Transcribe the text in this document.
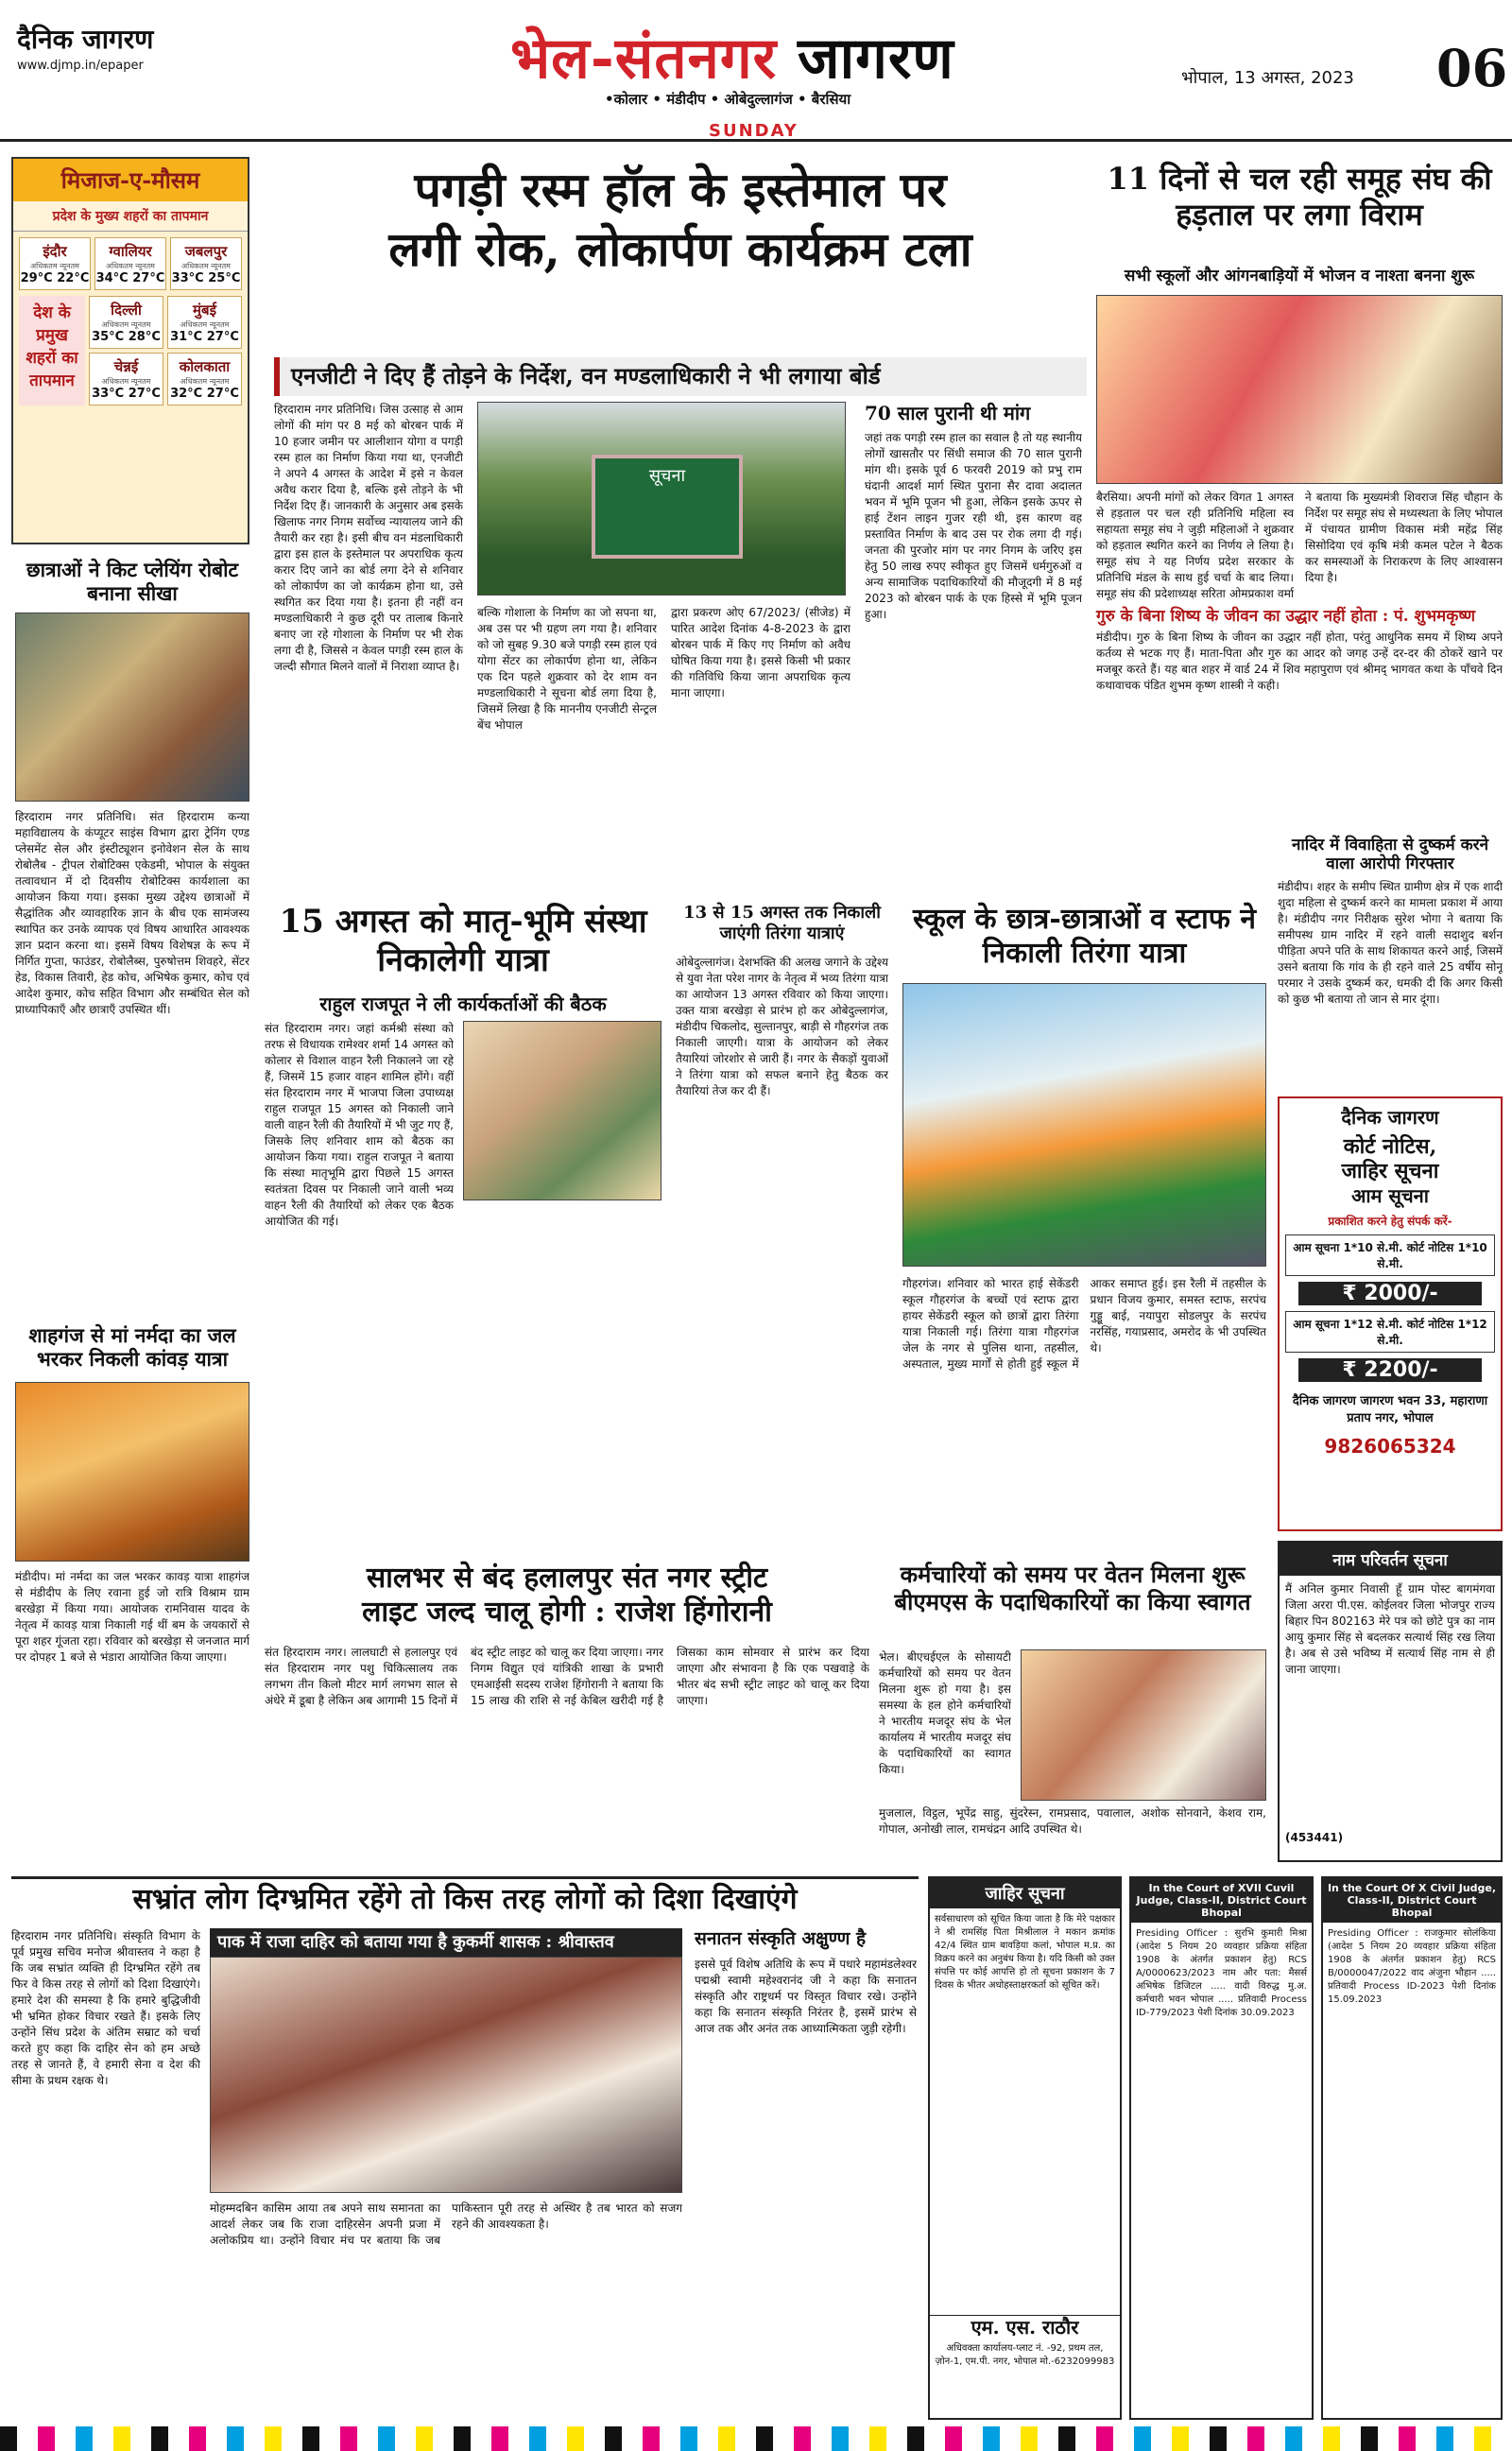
दैनिक जागरण
www.djmp.in/epaper	भेल-संतनगर जागरण
•कोलार • मंडीदीप • ओबेदुल्लागंज • बैरसिया
भोपाल, 13 अगस्त, 2023 06
SUNDAY
मिजाज-ए-मौसम
प्रदेश के मुख्य शहरों का तापमान
इंदौर
अधिकतम न्यूनतम
29°C 22°C
ग्वालियर
अधिकतम न्यूनतम
34°C 27°C
जबलपुर
अधिकतम न्यूनतम
33°C 25°C
देश के प्रमुख शहरों का तापमान
दिल्ली
अधिकतम न्यूनतम
35°C 28°C
मुंबई
अधिकतम न्यूनतम
31°C 27°C
चेन्नई
अधिकतम न्यूनतम
33°C 27°C
कोलकाता
अधिकतम न्यूनतम
32°C 27°C
छात्राओं ने किट प्लेयिंग रोबोट बनाना सीखा
हिरदाराम नगर प्रतिनिधि। संत हिरदाराम कन्या महाविद्यालय के कंप्यूटर साइंस विभाग द्वारा ट्रेनिंग एण्ड प्लेसमेंट सेल और इंस्टीट्यूशन इनोवेशन सेल के साथ रोबोलैब - ट्रीपल रोबोटिक्स एकेडमी, भोपाल के संयुक्त तत्वावधान में दो दिवसीय रोबोटिक्स कार्यशाला का आयोजन किया गया। इसका मुख्य उद्देश्य छात्राओं में सैद्धांतिक और व्यावहारिक ज्ञान के बीच एक सामंजस्य स्थापित कर उनके व्यापक एवं विषय आधारित आवश्यक ज्ञान प्रदान करना था। इसमें विषय विशेषज्ञ के रूप में निर्गित गुप्ता, फाउंडर, रोबोलैब्स, पुरुषोत्तम शिवहरे, सेंटर हेड, विकास तिवारी, हेड कोच, अभिषेक कुमार, कोच एवं आदेश कुमार, कोच सहित विभाग और सम्बंधित सेल को प्राध्यापिकाएँ और छात्राएँ उपस्थित थीं।
शाहगंज से मां नर्मदा का जल भरकर निकली कांवड़ यात्रा
मंडीदीप। मां नर्मदा का जल भरकर कावड़ यात्रा शाहगंज से मंडीदीप के लिए रवाना हुई जो रात्रि विश्राम ग्राम बरखेड़ा में किया गया। आयोजक रामनिवास यादव के नेतृत्व में कावड़ यात्रा निकाली गई थीं बम के जयकारों से पूरा शहर गूंजता रहा। रविवार को बरखेड़ा से जनजात मार्ग पर दोपहर 1 बजे से भंडारा आयोजित किया जाएगा।
पगड़ी रस्म हॉल के इस्तेमाल पर
लगी रोक, लोकार्पण कार्यक्रम टला
एनजीटी ने दिए हैं तोड़ने के निर्देश, वन मण्डलाधिकारी ने भी लगाया बोर्ड
हिरदाराम नगर प्रतिनिधि। जिस उत्साह से आम लोगों की मांग पर 8 मई को बोरबन पार्क में 10 हजार जमीन पर आलीशान योगा व पगड़ी रस्म हाल का निर्माण किया गया था, एनजीटी ने अपने 4 अगस्त के आदेश में इसे न केवल अवैध करार दिया है, बल्कि इसे तोड़ने के भी निर्देश दिए हैं। जानकारी के अनुसार अब इसके खिलाफ नगर निगम सर्वोच्च न्यायालय जाने की तैयारी कर रहा है। इसी बीच वन मंडलाधिकारी द्वारा इस हाल के इस्तेमाल पर अपराधिक कृत्य करार दिए जाने का बोर्ड लगा देने से शनिवार को लोकार्पण का जो कार्यक्रम होना था, उसे स्थगित कर दिया गया है। इतना ही नहीं वन मण्डलाधिकारी ने कुछ दूरी पर तालाब किनारे बनाए जा रहे गोशाला के निर्माण पर भी रोक लगा दी है, जिससे न केवल पगड़ी रस्म हाल के जल्दी सौगात मिलने वालों में निराशा व्याप्त है।
सूचना
बल्कि गोशाला के निर्माण का जो सपना था, अब उस पर भी ग्रहण लग गया है। शनिवार को जो सुबह 9.30 बजे पगड़ी रस्म हाल एवं योगा सेंटर का लोकार्पण होना था, लेकिन एक दिन पहले शुक्रवार को देर शाम वन मण्डलाधिकारी ने सूचना बोर्ड लगा दिया है, जिसमें लिखा है कि माननीय एनजीटी सेन्ट्रल बेंच भोपाल
द्वारा प्रकरण ओए 67/2023/ (सीजेड) में पारित आदेश दिनांक 4-8-2023 के द्वारा बोरबन पार्क में किए गए निर्माण को अवैध घोषित किया गया है। इससे किसी भी प्रकार की गतिविधि किया जाना अपराधिक कृत्य माना जाएगा।
70 साल पुरानी थी मांग
जहां तक पगड़ी रस्म हाल का सवाल है तो यह स्थानीय लोगों खासतौर पर सिंधी समाज की 70 साल पुरानी मांग थी। इसके पूर्व 6 फरवरी 2019 को प्रभु राम घंदानी आदर्श मार्ग स्थित पुराना सैर दावा अदालत भवन में भूमि पूजन भी हुआ, लेकिन इसके ऊपर से हाई टेंशन लाइन गुजर रही थी, इस कारण वह प्रस्तावित निर्माण के बाद उस पर रोक लगा दी गई। जनता की पुरजोर मांग पर नगर निगम के जरिए इस हेतु 50 लाख रुपए स्वीकृत हुए जिसमें धर्मगुरुओं व अन्य सामाजिक पदाधिकारियों की मौजूदगी में 8 मई 2023 को बोरबन पार्क के एक हिस्से में भूमि पूजन हुआ।
11 दिनों से चल रही समूह संघ की हड़ताल पर लगा विराम
सभी स्कूलों और आंगनबाड़ियों में भोजन व नाश्ता बनना शुरू
बैरसिया। अपनी मांगों को लेकर विगत 1 अगस्त से हड़ताल पर चल रही प्रतिनिधि महिला स्व सहायता समूह संघ ने जुड़ी महिलाओं ने शुक्रवार को हड़ताल स्थगित करने का निर्णय ले लिया है। समूह संघ ने यह निर्णय प्रदेश सरकार के प्रतिनिधि मंडल के साथ हुई चर्चा के बाद लिया। समूह संघ की प्रदेशाध्यक्ष सरिता ओमप्रकाश वर्मा ने बताया कि मुख्यमंत्री शिवराज सिंह चौहान के निर्देश पर समूह संघ से मध्यस्थता के लिए भोपाल में पंचायत ग्रामीण विकास मंत्री महेंद्र सिंह सिसोदिया एवं कृषि मंत्री कमल पटेल ने बैठक कर समस्याओं के निराकरण के लिए आश्वासन दिया है।
गुरु के बिना शिष्य के जीवन का उद्धार नहीं होता : पं. शुभमकृष्ण
मंडीदीप। गुरु के बिना शिष्य के जीवन का उद्धार नहीं होता, परंतु आधुनिक समय में शिष्य अपने कर्तव्य से भटक गए हैं। माता-पिता और गुरु का आदर को जगह उन्हें दर-दर की ठोकरें खाने पर मजबूर करते हैं। यह बात शहर में वार्ड 24 में शिव महापुराण एवं श्रीमद् भागवत कथा के पाँचवे दिन कथावाचक पंडित शुभम कृष्ण शास्त्री ने कही।
नादिर में विवाहिता से दुष्कर्म करने वाला आरोपी गिरफ्तार
मंडीदीप। शहर के समीप स्थित ग्रामीण क्षेत्र में एक शादी शुदा महिला से दुष्कर्म करने का मामला प्रकाश में आया है। मंडीदीप नगर निरीक्षक सुरेश भोगा ने बताया कि समीपस्थ ग्राम नादिर में रहने वाली सदाशुद बर्शन पीड़िता अपने पति के साथ शिकायत करने आई, जिसमें उसने बताया कि गांव के ही रहने वाले 25 वर्षीय सोनू परमार ने उसके दुष्कर्म कर, धमकी दी कि अगर किसी को कुछ भी बताया तो जान से मार दूंगा।
दैनिक जागरण
कोर्ट नोटिस,
जाहिर सूचना
आम सूचना
प्रकाशित करने हेतु संपर्क करें-
आम सूचना 1*10 से.मी. कोर्ट नोटिस 1*10 से.मी.
₹ 2000/-
आम सूचना 1*12 से.मी. कोर्ट नोटिस 1*12 से.मी.
₹ 2200/-
दैनिक जागरण जागरण भवन 33, महाराणा प्रताप नगर, भोपाल
9826065324
नाम परिवर्तन सूचना
मैं अनिल कुमार निवासी हूँ ग्राम पोस्ट बागमंगवा जिला अररा पी.एस. कोईलवर जिला भोजपुर राज्य बिहार पिन 802163 मेरे पत्र को छोटे पुत्र का नाम आयु कुमार सिंह से बदलकर सत्यार्थ सिंह रख लिया है। अब से उसे भविष्य में सत्यार्थ सिंह नाम से ही जाना जाएगा।
(453441)
15 अगस्त को मातृ-भूमि संस्था निकालेगी यात्रा
राहुल राजपूत ने ली कार्यकर्ताओं की बैठक
संत हिरदाराम नगर। जहां कर्मश्री संस्था को तरफ से विधायक रामेश्वर शर्मा 14 अगस्त को कोलार से विशाल वाहन रैली निकालने जा रहे हैं, जिसमें 15 हजार वाहन शामिल होंगे। वहीं संत हिरदाराम नगर में भाजपा जिला उपाध्यक्ष राहुल राजपूत 15 अगस्त को निकाली जाने वाली वाहन रैली की तैयारियों में भी जुट गए हैं, जिसके लिए शनिवार शाम को बैठक का आयोजन किया गया। राहुल राजपूत ने बताया कि संस्था मातृभूमि द्वारा पिछले 15 अगस्त स्वतंत्रता दिवस पर निकाली जाने वाली भव्य वाहन रैली की तैयारियों को लेकर एक बैठक आयोजित की गई।
13 से 15 अगस्त तक निकाली जाएंगी तिरंगा यात्राएं
ओबेदुल्लागंज। देशभक्ति की अलख जगाने के उद्देश्य से युवा नेता परेश नागर के नेतृत्व में भव्य तिरंगा यात्रा का आयोजन 13 अगस्त रविवार को किया जाएगा। उक्त यात्रा बरखेड़ा से प्रारंभ हो कर ओबेदुल्लागंज, मंडीदीप चिकलोद, सुल्तानपुर, बाड़ी से गौहरगंज तक निकाली जाएगी। यात्रा के आयोजन को लेकर तैयारियां जोरशोर से जारी हैं। नगर के सैकड़ों युवाओं ने तिरंगा यात्रा को सफल बनाने हेतु बैठक कर तैयारियां तेज कर दी हैं।
स्कूल के छात्र-छात्राओं व स्टाफ ने निकाली तिरंगा यात्रा
गौहरगंज। शनिवार को भारत हाई सेकेंडरी स्कूल गौहरगंज के बच्चों एवं स्टाफ द्वारा हायर सेकेंडरी स्कूल को छात्रों द्वारा तिरंगा यात्रा निकाली गई। तिरंगा यात्रा गौहरगंज जेल के नगर से पुलिस थाना, तहसील, अस्पताल, मुख्य मार्गों से होती हुई स्कूल में आकर समाप्त हुई। इस रैली में तहसील के प्रधान विजय कुमार, समस्त स्टाफ, सरपंच गुड्डू बाई, नयापुरा सोडलपुर के सरपंच नरसिंह, गयाप्रसाद, अमरोद के भी उपस्थित थे।
सालभर से बंद हलालपुर संत नगर स्ट्रीट
लाइट जल्द चालू होगी : राजेश हिंगोरानी
संत हिरदाराम नगर। लालघाटी से हलालपुर एवं संत हिरदाराम नगर पशु चिकित्सालय तक लगभग तीन किलो मीटर मार्ग लगभग साल से अंधेरे में डूबा है लेकिन अब आगामी 15 दिनों में बंद स्ट्रीट लाइट को चालू कर दिया जाएगा। नगर निगम विद्युत एवं यांत्रिकी शाखा के प्रभारी एमआईसी सदस्य राजेश हिंगोरानी ने बताया कि 15 लाख की राशि से नई केबिल खरीदी गई है जिसका काम सोमवार से प्रारंभ कर दिया जाएगा और संभावना है कि एक पखवाड़े के भीतर बंद सभी स्ट्रीट लाइट को चालू कर दिया जाएगा।
कर्मचारियों को समय पर वेतन मिलना शुरू बीएमएस के पदाधिकारियों का किया स्वागत
भेल। बीएचईएल के सोसायटी कर्मचारियों को समय पर वेतन मिलना शुरू हो गया है। इस समस्या के हल होने कर्मचारियों ने भारतीय मजदूर संघ के भेल कार्यालय में भारतीय मजदूर संघ के पदाधिकारियों का स्वागत किया।
मुजलाल, विट्ठल, भूपेंद्र साहु, सुंदरेस्न, रामप्रसाद, पवालाल, अशोक सोनवाने, केशव राम, गोपाल, अनोखी लाल, रामचंद्रन आदि उपस्थित थे।
सभ्रांत लोग दिग्भ्रमित रहेंगे तो किस तरह लोगों को दिशा दिखाएंगे
हिरदाराम नगर प्रतिनिधि। संस्कृति विभाग के पूर्व प्रमुख सचिव मनोज श्रीवास्तव ने कहा है कि जब सभ्रांत व्यक्ति ही दिग्भ्रमित रहेंगे तब फिर वे किस तरह से लोगों को दिशा दिखाएंगे। हमारे देश की समस्या है कि हमारे बुद्धिजीवी भी भ्रमित होकर विचार रखते हैं। इसके लिए उन्होंने सिंध प्रदेश के अंतिम सम्राट को चर्चा करते हुए कहा कि दाहिर सेन को हम अच्छे तरह से जानते हैं, वे हमारी सेना व देश की सीमा के प्रथम रक्षक थे।
पाक में राजा दाहिर को बताया गया है कुकर्मी शासक : श्रीवास्तव
मोहम्मदबिन कासिम आया तब अपने साथ समानता का आदर्श लेकर जब कि राजा दाहिरसेन अपनी प्रजा में अलोकप्रिय था। उन्होंने विचार मंच पर बताया कि जब पाकिस्तान पूरी तरह से अस्थिर है तब भारत को सजग रहने की आवश्यकता है।
सनातन संस्कृति अक्षुण्ण है
इससे पूर्व विशेष अतिथि के रूप में पधारे महामंडलेश्वर पद्मश्री स्वामी महेश्वरानंद जी ने कहा कि सनातन संस्कृति और राष्ट्रधर्म पर विस्तृत विचार रखे। उन्होंने कहा कि सनातन संस्कृति निरंतर है, इसमें प्रारंभ से आज तक और अनंत तक आध्यात्मिकता जुड़ी रहेगी।
जाहिर सूचना
सर्वसाधारण को सूचित किया जाता है कि मेरे पक्षकार ने श्री रामसिंह पिता मिश्रीलाल ने मकान क्रमांक 42/4 स्थित ग्राम बावड़िया कलां, भोपाल म.प्र. का विक्रय करने का अनुबंध किया है। यदि किसी को उक्त संपत्ति पर कोई आपत्ति हो तो सूचना प्रकाशन के 7 दिवस के भीतर अधोहस्ताक्षरकर्ता को सूचित करें।
एम. एस. राठौर
अधिवक्ता कार्यालय-प्लाट नं. -92, प्रथम तल, ज़ोन-1, एम.पी. नगर, भोपाल मो.-6232099983
In the Court of XVII Cuvil Judge, Class-II, District Court Bhopal
Presiding Officer : सुरभि कुमारी मिश्रा (आदेश 5 नियम 20 व्यवहार प्रक्रिया संहिता 1908 के अंतर्गत प्रकाशन हेतु) RCS A/0000623/2023 नाम और पता: मैसर्स अभिषेक डिजिटल ..... वादी विरुद्ध मु.अ. कर्मचारी भवन भोपाल ..... प्रतिवादी Process ID-779/2023 पेशी दिनांक 30.09.2023
In the Court Of X Civil Judge, Class-II, District Court Bhopal
Presiding Officer : राजकुमार सोलंकिया (आदेश 5 नियम 20 व्यवहार प्रक्रिया संहिता 1908 के अंतर्गत प्रकाशन हेतु) RCS B/0000047/2022 वाद अंजुना भौहान ..... प्रतिवादी Process ID-2023 पेशी दिनांक 15.09.2023
